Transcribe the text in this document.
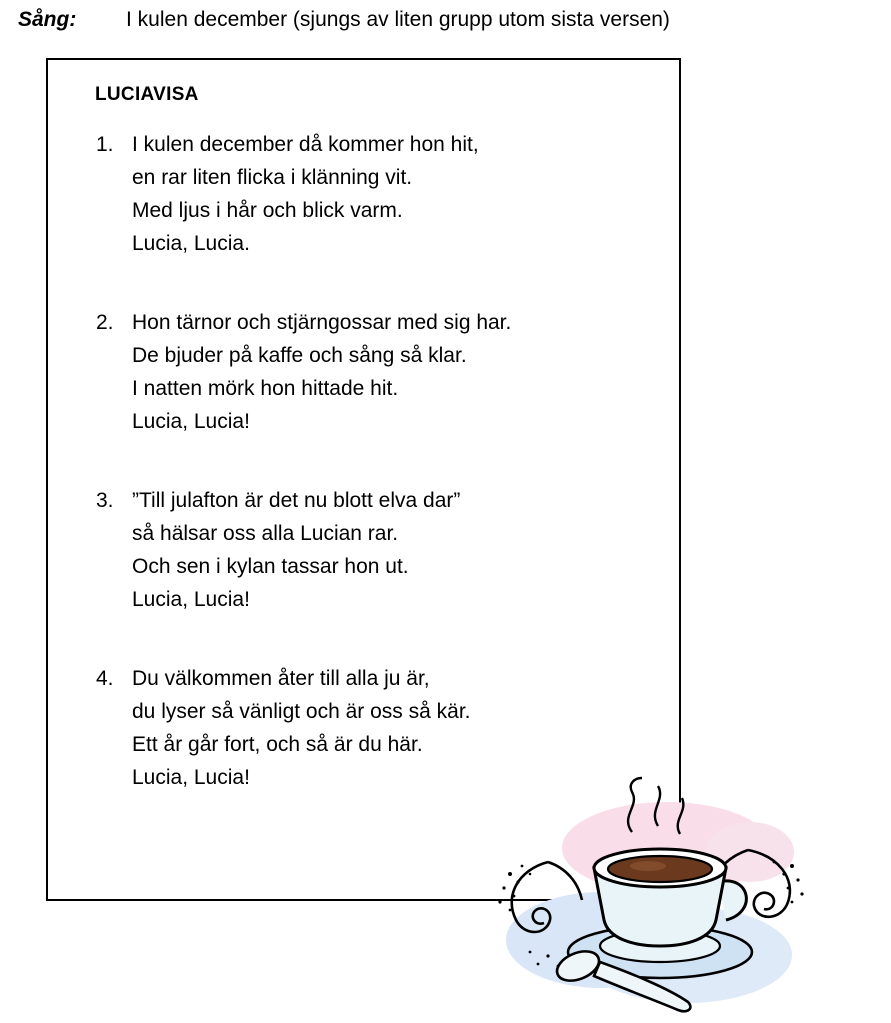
Sång:	I kulen december (sjungs av liten grupp utom sista versen)
LUCIAVISA
1. I kulen december då kommer hon hit,
en rar liten flicka i klänning vit.
Med ljus i hår och blick varm.
Lucia, Lucia.
2. Hon tärnor och stjärngossar med sig har.
De bjuder på kaffe och sång så klar.
I natten mörk hon hittade hit.
Lucia, Lucia!
3. ”Till julafton är det nu blott elva dar”
så hälsar oss alla Lucian rar.
Och sen i kylan tassar hon ut.
Lucia, Lucia!
4. Du välkommen åter till alla ju är,
du lyser så vänligt och är oss så kär.
Ett år går fort, och så är du här.
Lucia, Lucia!
